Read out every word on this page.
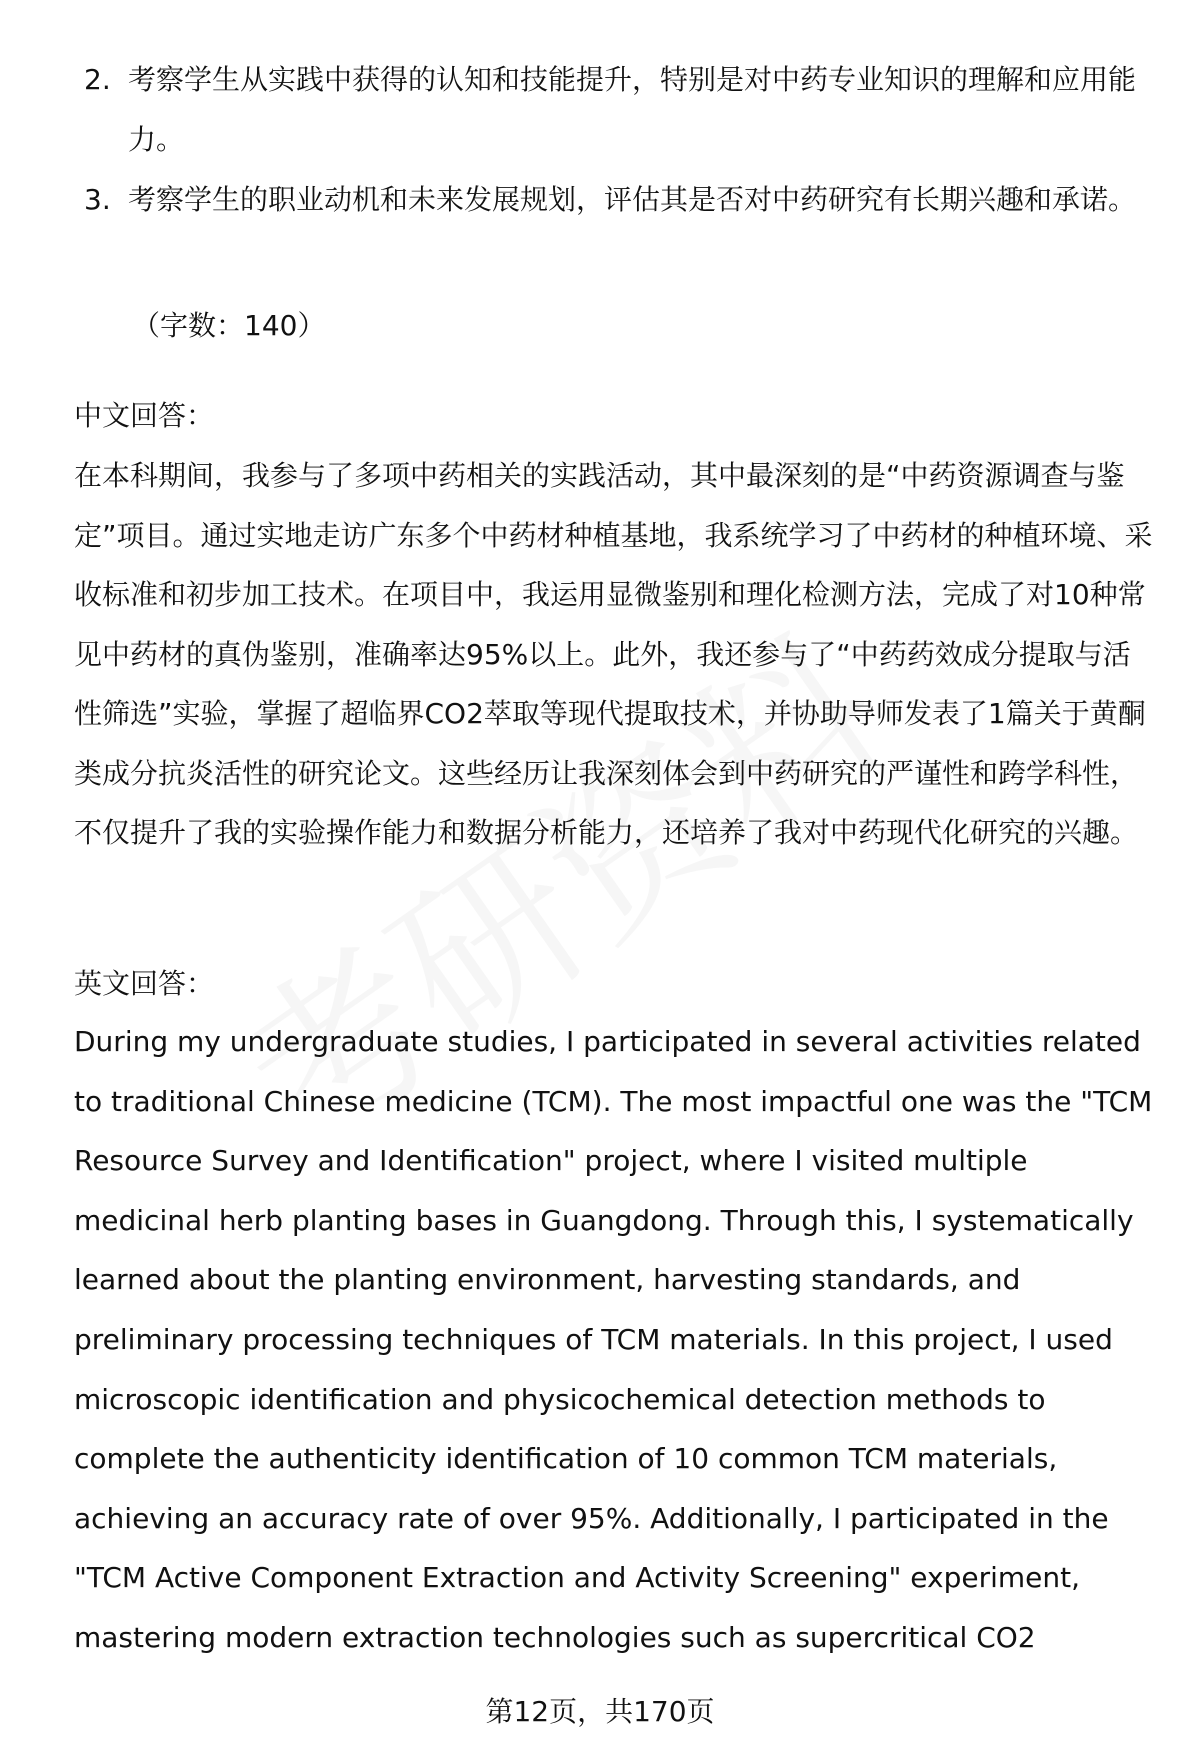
2. 考察学生从实践中获得的认知和技能提升，特别是对中药专业知识的理解和应用能力。
3. 考察学生的职业动机和未来发展规划，评估其是否对中药研究有长期兴趣和承诺。
（字数：140）
中文回答：
在本科期间，我参与了多项中药相关的实践活动，其中最深刻的是“中药资源调查与鉴定”项目。通过实地走访广东多个中药材种植基地，我系统学习了中药材的种植环境、采收标准和初步加工技术。在项目中，我运用显微鉴别和理化检测方法，完成了对10种常见中药材的真伪鉴别，准确率达95%以上。此外，我还参与了“中药药效成分提取与活性筛选”实验，掌握了超临界CO2萃取等现代提取技术，并协助导师发表了1篇关于黄酮类成分抗炎活性的研究论文。这些经历让我深刻体会到中药研究的严谨性和跨学科性，不仅提升了我的实验操作能力和数据分析能力，还培养了我对中药现代化研究的兴趣。
英文回答：
During my undergraduate studies, I participated in several activities related to traditional Chinese medicine (TCM). The most impactful one was the "TCM Resource Survey and Identification" project, where I visited multiple medicinal herb planting bases in Guangdong. Through this, I systematically learned about the planting environment, harvesting standards, and preliminary processing techniques of TCM materials. In this project, I used microscopic identification and physicochemical detection methods to complete the authenticity identification of 10 common TCM materials, achieving an accuracy rate of over 95%. Additionally, I participated in the "TCM Active Component Extraction and Activity Screening" experiment, mastering modern extraction technologies such as supercritical CO2
第12页，共170页
